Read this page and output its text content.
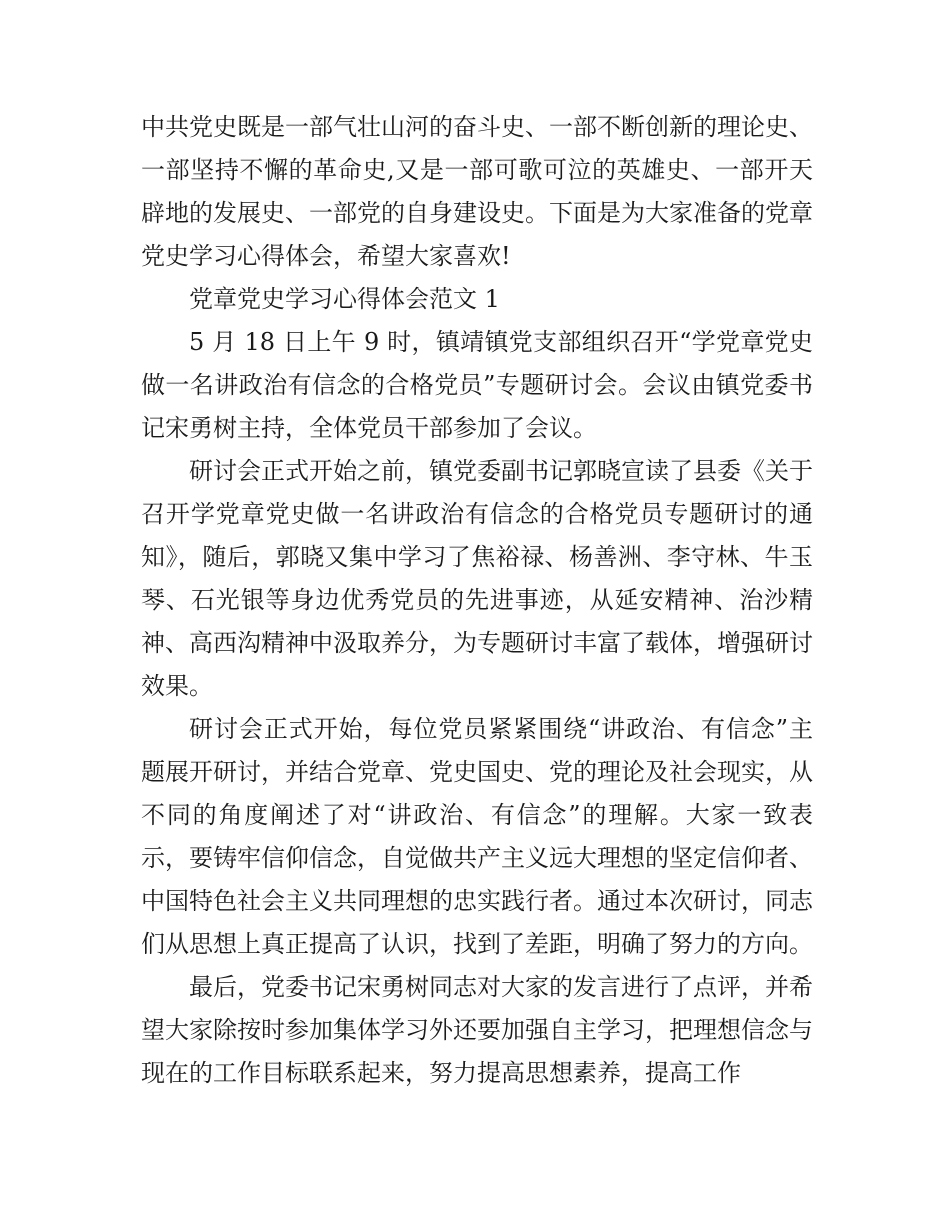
中共党史既是一部气壮山河的奋斗史、一部不断创新的理论史、一部坚持不懈的革命史,又是一部可歌可泣的英雄史、一部开天辟地的发展史、一部党的自身建设史。下面是为大家准备的党章党史学习心得体会，希望大家喜欢!

党章党史学习心得体会范文 1

5 月 18 日上午 9 时，镇靖镇党支部组织召开“学党章党史做一名讲政治有信念的合格党员”专题研讨会。会议由镇党委书记宋勇树主持，全体党员干部参加了会议。

研讨会正式开始之前，镇党委副书记郭晓宣读了县委《关于召开学党章党史做一名讲政治有信念的合格党员专题研讨的通知》，随后，郭晓又集中学习了焦裕禄、杨善洲、李守林、牛玉琴、石光银等身边优秀党员的先进事迹，从延安精神、治沙精神、高西沟精神中汲取养分，为专题研讨丰富了载体，增强研讨效果。

研讨会正式开始，每位党员紧紧围绕“讲政治、有信念”主题展开研讨，并结合党章、党史国史、党的理论及社会现实，从不同的角度阐述了对“讲政治、有信念”的理解。大家一致表示，要铸牢信仰信念，自觉做共产主义远大理想的坚定信仰者、中国特色社会主义共同理想的忠实践行者。通过本次研讨，同志们从思想上真正提高了认识，找到了差距，明确了努力的方向。

最后，党委书记宋勇树同志对大家的发言进行了点评，并希望大家除按时参加集体学习外还要加强自主学习，把理想信念与现在的工作目标联系起来，努力提高思想素养，提高工作
